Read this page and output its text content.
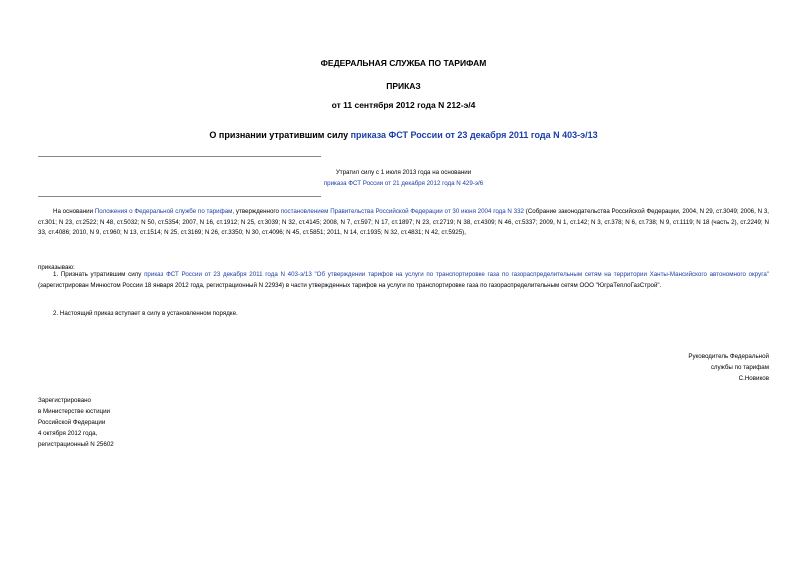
ФЕДЕРАЛЬНАЯ СЛУЖБА ПО ТАРИФАМ
ПРИКАЗ
от 11 сентября 2012 года N 212-э/4
О признании утратившим силу приказа ФСТ России от 23 декабря 2011 года N 403-э/13
Утратил силу с 1 июля 2013 года на основании
приказа ФСТ России от 21 декабря 2012 года N 429-э/6
На основании Положения о Федеральной службе по тарифам, утвержденного постановлением Правительства Российской Федерации от 30 июня 2004 года N 332 (Собрание законодательства Российской Федерации, 2004, N 29, ст.3049; 2006, N 3, ст.301; N 23, ст.2522; N 48, ст.5032; N 50, ст.5354; 2007, N 16, ст.1912; N 25, ст.3039; N 32, ст.4145; 2008, N 7, ст.597; N 17, ст.1897; N 23, ст.2719; N 38, ст.4309; N 46, ст.5337; 2009, N 1, ст.142; N 3, ст.378; N 6, ст.738; N 9, ст.1119; N 18 (часть 2), ст.2249; N 33, ст.4086; 2010, N 9, ст.960; N 13, ст.1514; N 25, ст.3169; N 26, ст.3350; N 30, ст.4096; N 45, ст.5851; 2011, N 14, ст.1935; N 32, ст.4831; N 42, ст.5925),
приказываю:
1. Признать утратившим силу приказ ФСТ России от 23 декабря 2011 года N 403-э/13 "Об утверждении тарифов на услуги по транспортировке газа по газораспределительным сетям на территории Ханты-Мансийского автономного округа" (зарегистрирован Минюстом России 18 января 2012 года, регистрационный N 22934) в части утвержденных тарифов на услуги по транспортировке газа по газораспределительным сетям ООО "ЮграТеплоГазСтрой".
2. Настоящий приказ вступает в силу в установленном порядке.
Руководитель Федеральной
службы по тарифам
С.Новиков
Зарегистрировано
в Министерстве юстиции
Российской Федерации
4 октября 2012 года,
регистрационный N 25602
